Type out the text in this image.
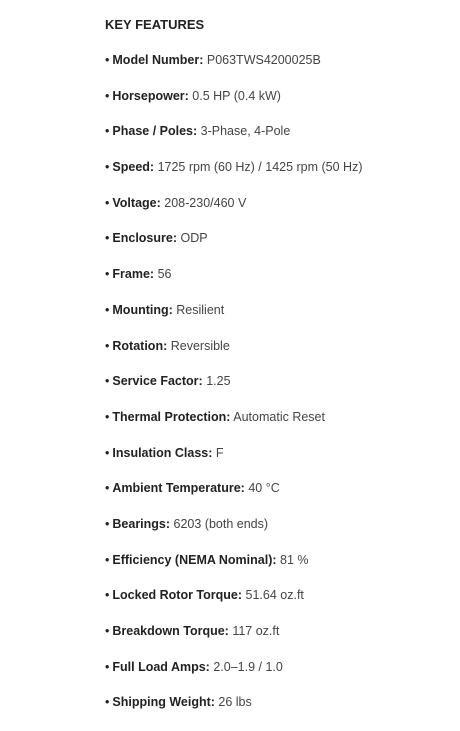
KEY FEATURES
• Model Number: P063TWS4200025B
• Horsepower: 0.5 HP (0.4 kW)
• Phase / Poles: 3-Phase, 4-Pole
• Speed: 1725 rpm (60 Hz) / 1425 rpm (50 Hz)
• Voltage: 208-230/460 V
• Enclosure: ODP
• Frame: 56
• Mounting: Resilient
• Rotation: Reversible
• Service Factor: 1.25
• Thermal Protection: Automatic Reset
• Insulation Class: F
• Ambient Temperature: 40 °C
• Bearings: 6203 (both ends)
• Efficiency (NEMA Nominal): 81 %
• Locked Rotor Torque: 51.64 oz.ft
• Breakdown Torque: 117 oz.ft
• Full Load Amps: 2.0–1.9 / 1.0
• Shipping Weight: 26 lbs
